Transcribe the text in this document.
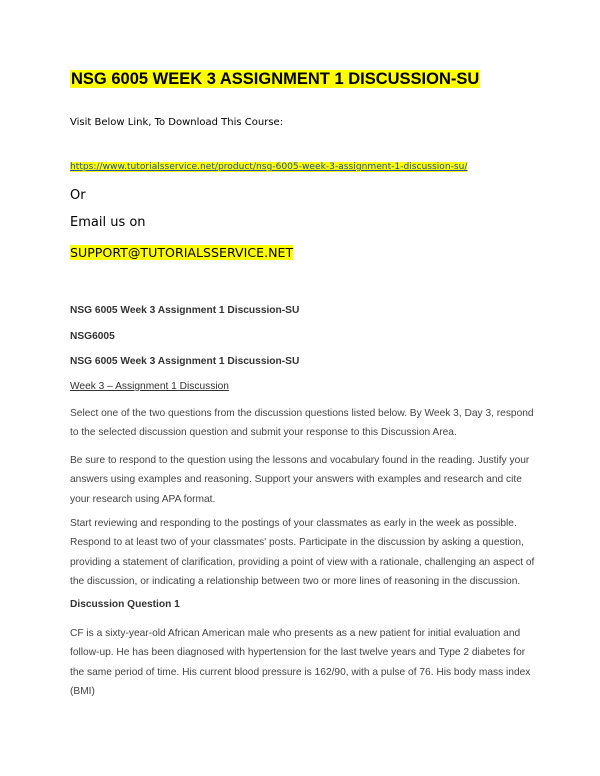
NSG 6005 WEEK 3 ASSIGNMENT 1 DISCUSSION-SU
Visit Below Link, To Download This Course:
https://www.tutorialsservice.net/product/nsg-6005-week-3-assignment-1-discussion-su/
Or
Email us on
SUPPORT@TUTORIALSSERVICE.NET
NSG 6005 Week 3 Assignment 1 Discussion-SU
NSG6005
NSG 6005 Week 3 Assignment 1 Discussion-SU
Week 3 – Assignment 1 Discussion

Select one of the two questions from the discussion questions listed below. By Week 3, Day 3, respond to the selected discussion question and submit your response to this Discussion Area.

Be sure to respond to the question using the lessons and vocabulary found in the reading. Justify your answers using examples and reasoning. Support your answers with examples and research and cite your research using APA format.

Start reviewing and responding to the postings of your classmates as early in the week as possible. Respond to at least two of your classmates' posts. Participate in the discussion by asking a question, providing a statement of clarification, providing a point of view with a rationale, challenging an aspect of the discussion, or indicating a relationship between two or more lines of reasoning in the discussion.

Discussion Question 1

CF is a sixty-year-old African American male who presents as a new patient for initial evaluation and follow-up. He has been diagnosed with hypertension for the last twelve years and Type 2 diabetes for the same period of time. His current blood pressure is 162/90, with a pulse of 76. His body mass index (BMI)
